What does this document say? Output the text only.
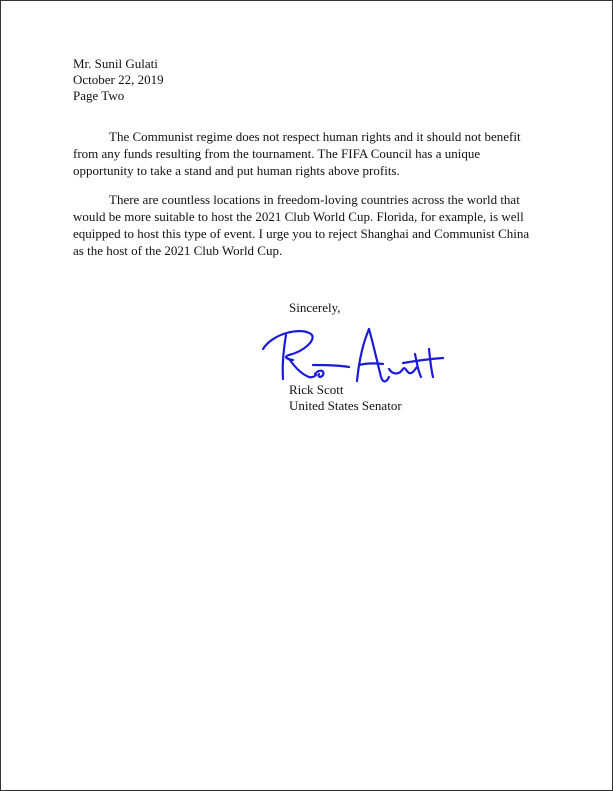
Mr. Sunil Gulati
October 22, 2019
Page Two
The Communist regime does not respect human rights and it should not benefit
from any funds resulting from the tournament. The FIFA Council has a unique
opportunity to take a stand and put human rights above profits.
There are countless locations in freedom-loving countries across the world that
would be more suitable to host the 2021 Club World Cup. Florida, for example, is well
equipped to host this type of event. I urge you to reject Shanghai and Communist China
as the host of the 2021 Club World Cup.
Sincerely,
Rick Scott
United States Senator
